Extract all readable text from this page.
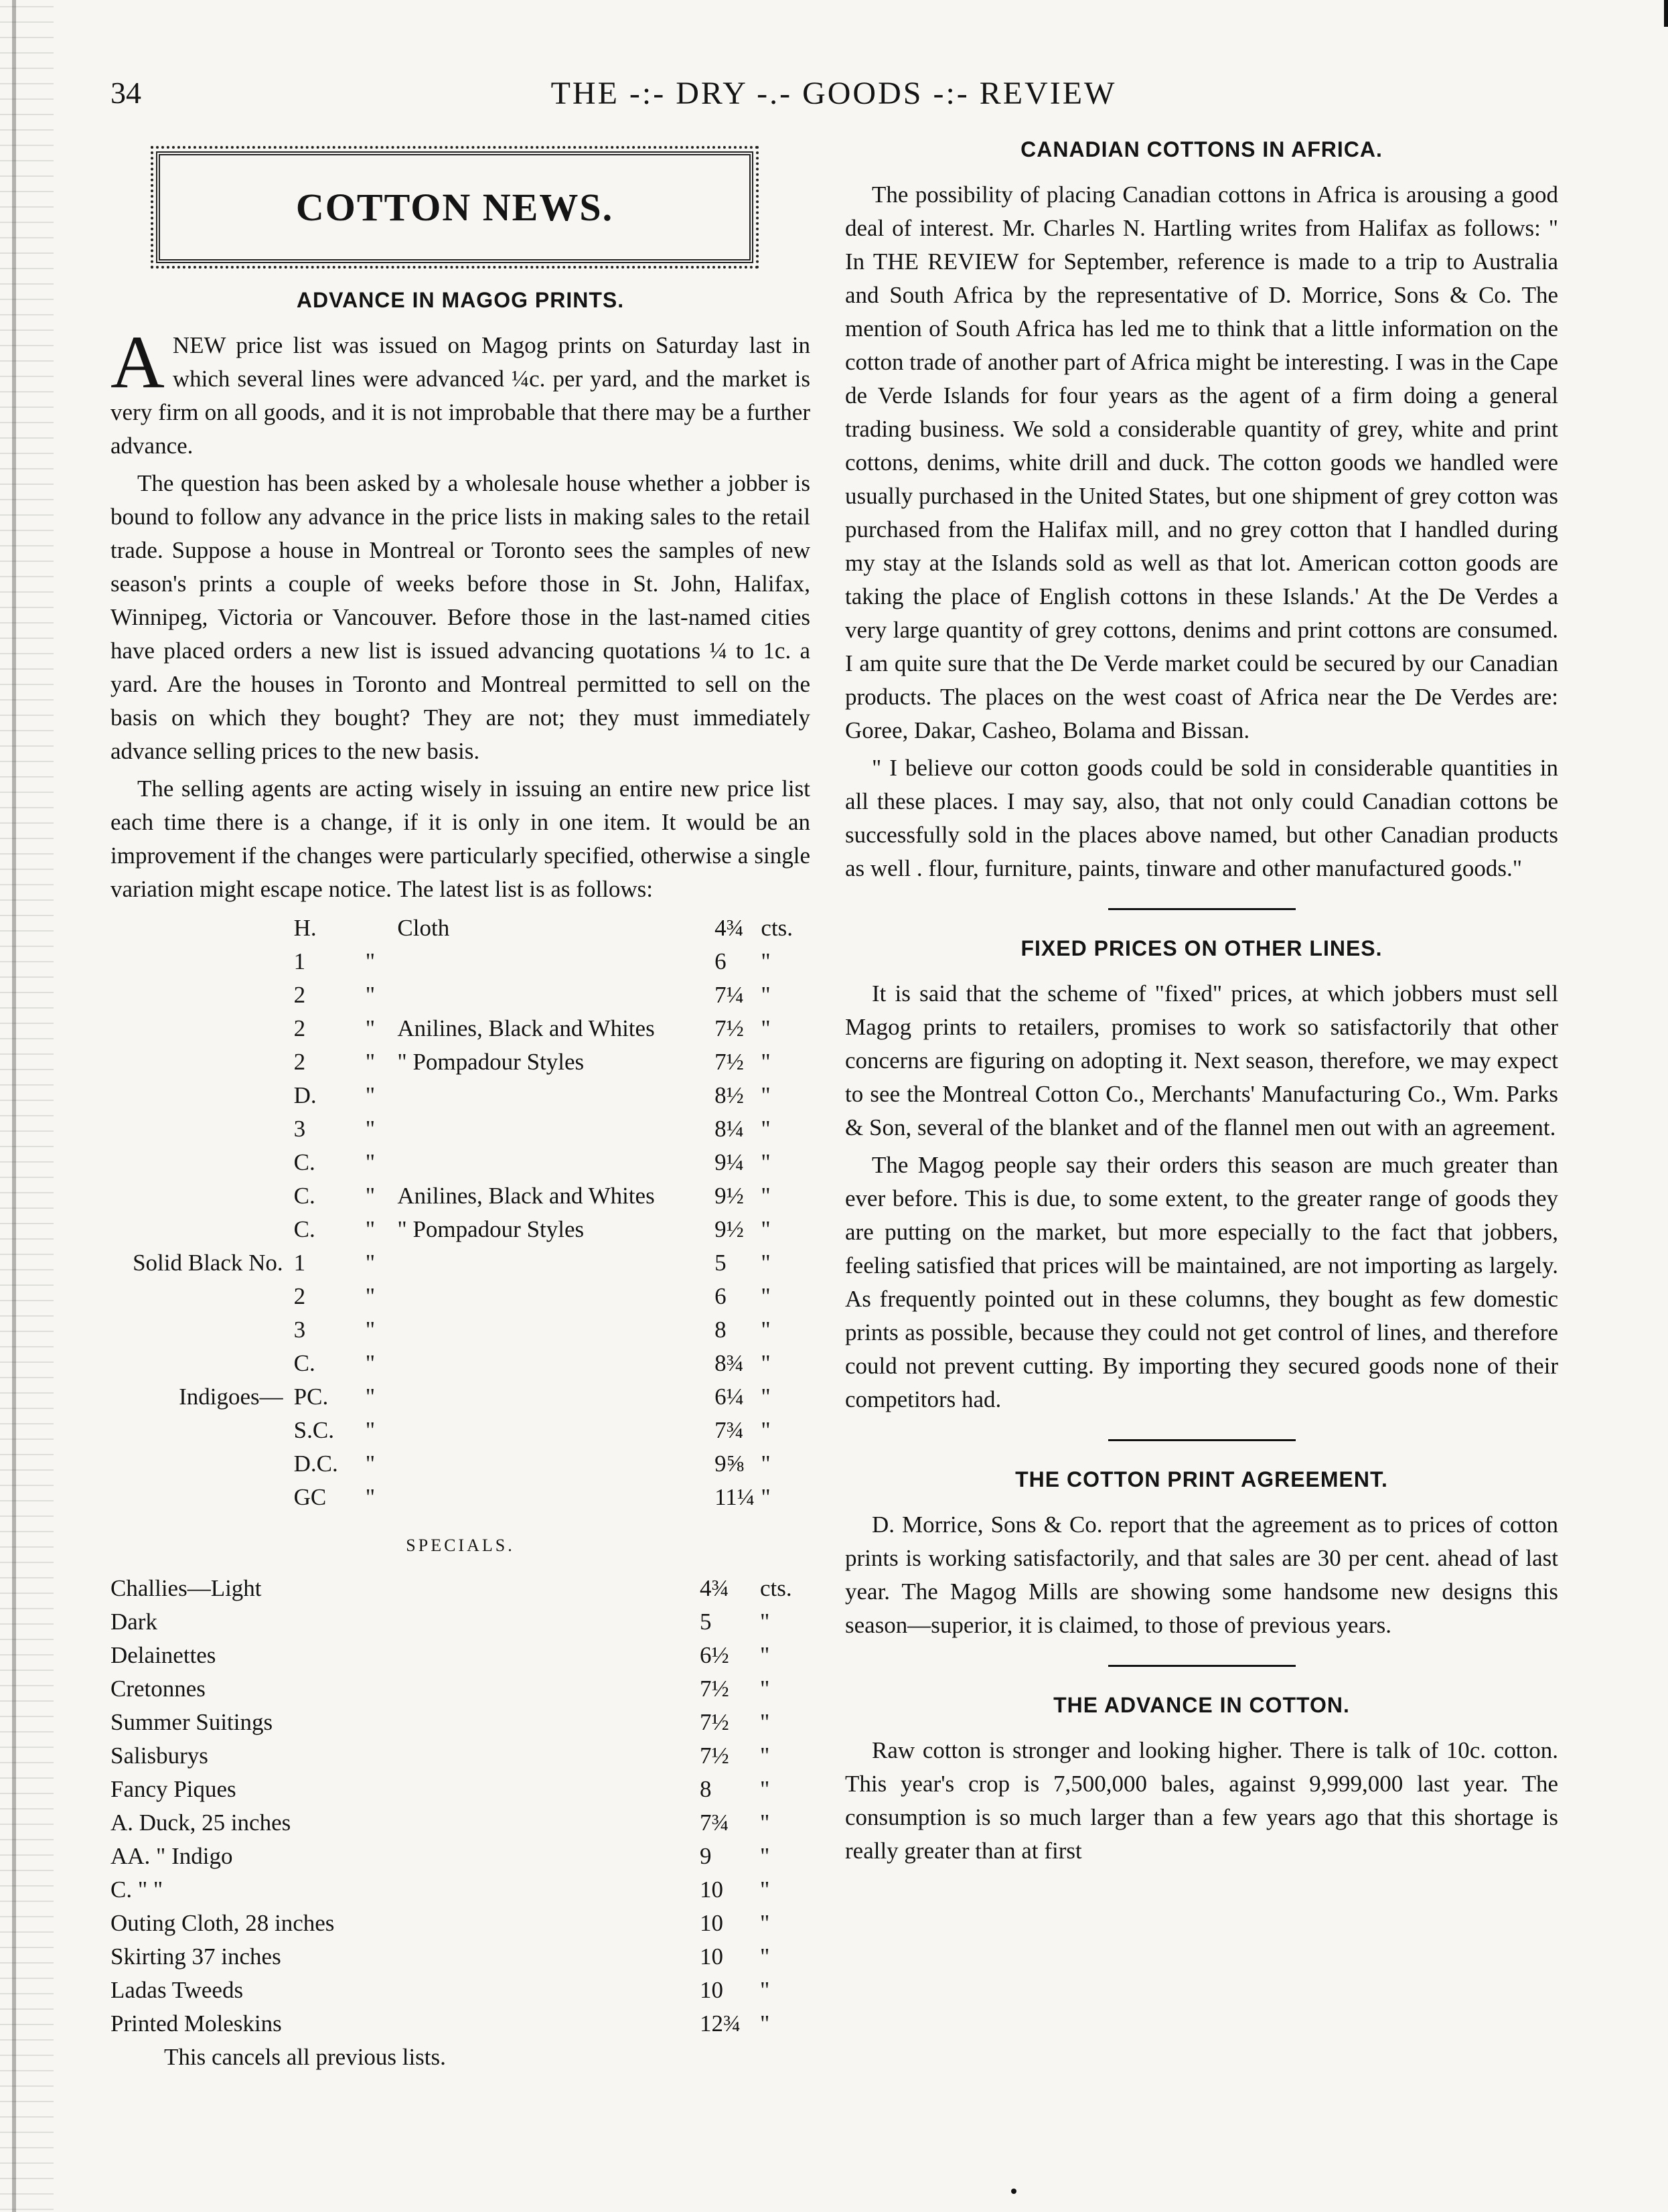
34	THE -:- DRY -.- GOODS -:- REVIEW
COTTON NEWS.
ADVANCE IN MAGOG PRINTS.

ANEW price list was issued on Magog prints on Saturday last in which several lines were advanced ¼c. per yard, and the market is very firm on all goods, and it is not improbable that there may be a further advance.

The question has been asked by a wholesale house whether a jobber is bound to follow any advance in the price lists in making sales to the retail trade. Suppose a house in Montreal or Toronto sees the samples of new season's prints a couple of weeks before those in St. John, Halifax, Winnipeg, Victoria or Vancouver. Before those in the last-named cities have placed orders a new list is issued advancing quotations ¼ to 1c. a yard. Are the houses in Toronto and Montreal permitted to sell on the basis on which they bought? They are not; they must immediately advance selling prices to the new basis.

The selling agents are acting wisely in issuing an entire new price list each time there is a change, if it is only in one item. It would be an improvement if the changes were particularly specified, otherwise a single variation might escape notice. The latest list is as follows:

	H.		Cloth	4¾	cts.
	1	"		6	"
	2	"		7¼	"
	2	"	Anilines, Black and Whites	7½	"
	2	"	" Pompadour Styles	7½	"
	D.	"		8½	"
	3	"		8¼	"
	C.	"		9¼	"
	C.	"	Anilines, Black and Whites	9½	"
	C.	"	" Pompadour Styles	9½	"
Solid Black No.	1	"		5	"
	2	"		6	"
	3	"		8	"
	C.	"		8¾	"
Indigoes—	PC.	"		6¼	"
	S.C.	"		7¾	"
	D.C.	"		9⅝	"
	GC	"		11¼	"
SPECIALS.
Challies—Light	4¾	cts.
Dark	5	"
Delainettes	6½	"
Cretonnes	7½	"
Summer Suitings	7½	"
Salisburys	7½	"
Fancy Piques	8	"
A. Duck, 25 inches	7¾	"
AA. " Indigo	9	"
C. " "	10	"
Outing Cloth, 28 inches	10	"
Skirting 37 inches	10	"
Ladas Tweeds	10	"
Printed Moleskins	12¾	"
This cancels all previous lists.
CANADIAN COTTONS IN AFRICA.

The possibility of placing Canadian cottons in Africa is arousing a good deal of interest. Mr. Charles N. Hartling writes from Halifax as follows: " In THE REVIEW for September, reference is made to a trip to Australia and South Africa by the representative of D. Morrice, Sons & Co. The mention of South Africa has led me to think that a little information on the cotton trade of another part of Africa might be interesting. I was in the Cape de Verde Islands for four years as the agent of a firm doing a general trading business. We sold a considerable quantity of grey, white and print cottons, denims, white drill and duck. The cotton goods we handled were usually purchased in the United States, but one shipment of grey cotton was purchased from the Halifax mill, and no grey cotton that I handled during my stay at the Islands sold as well as that lot. American cotton goods are taking the place of English cottons in these Islands.' At the De Verdes a very large quantity of grey cottons, denims and print cottons are consumed. I am quite sure that the De Verde market could be secured by our Canadian products. The places on the west coast of Africa near the De Verdes are: Goree, Dakar, Casheo, Bolama and Bissan.

" I believe our cotton goods could be sold in considerable quantities in all these places. I may say, also, that not only could Canadian cottons be successfully sold in the places above named, but other Canadian products as well . flour, furniture, paints, tinware and other manufactured goods."

FIXED PRICES ON OTHER LINES.

It is said that the scheme of "fixed" prices, at which jobbers must sell Magog prints to retailers, promises to work so satisfactorily that other concerns are figuring on adopting it. Next season, therefore, we may expect to see the Montreal Cotton Co., Merchants' Manufacturing Co., Wm. Parks & Son, several of the blanket and of the flannel men out with an agreement.

The Magog people say their orders this season are much greater than ever before. This is due, to some extent, to the greater range of goods they are putting on the market, but more especially to the fact that jobbers, feeling satisfied that prices will be maintained, are not importing as largely. As frequently pointed out in these columns, they bought as few domestic prints as possible, because they could not get control of lines, and therefore could not prevent cutting. By importing they secured goods none of their competitors had.

THE COTTON PRINT AGREEMENT.

D. Morrice, Sons & Co. report that the agreement as to prices of cotton prints is working satisfactorily, and that sales are 30 per cent. ahead of last year. The Magog Mills are showing some handsome new designs this season—superior, it is claimed, to those of previous years.

THE ADVANCE IN COTTON.

Raw cotton is stronger and looking higher. There is talk of 10c. cotton. This year's crop is 7,500,000 bales, against 9,999,000 last year. The consumption is so much larger than a few years ago that this shortage is really greater than at first
